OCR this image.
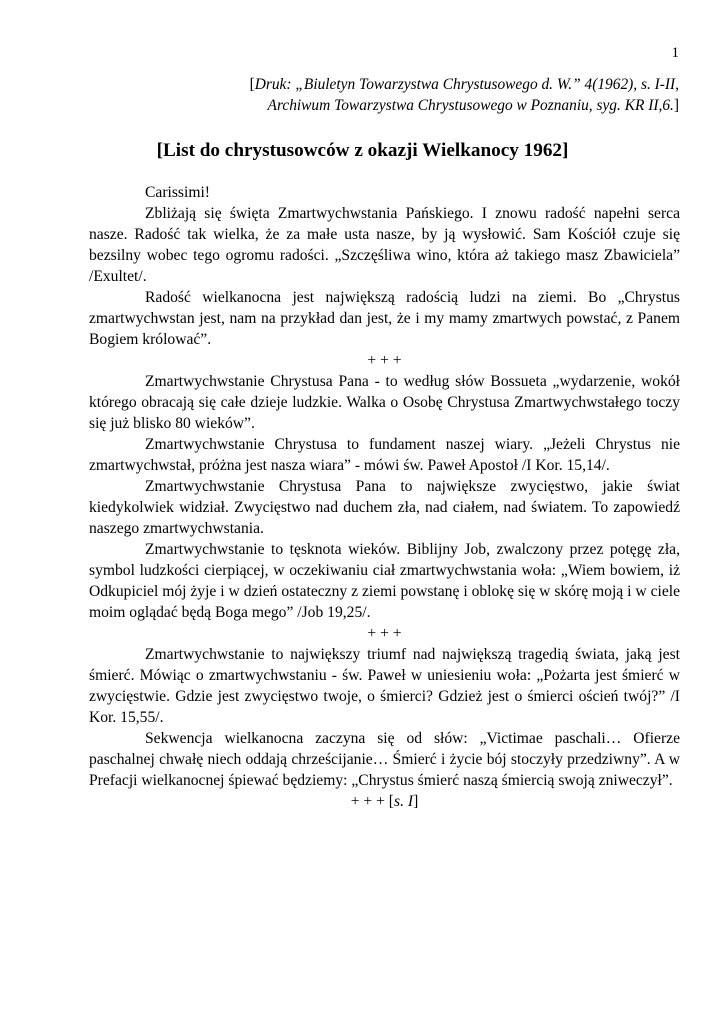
1
[Druk: „Biuletyn Towarzystwa Chrystusowego d. W.” 4(1962), s. I-II,
Archiwum Towarzystwa Chrystusowego w Poznaniu, syg. KR II,6.]
[List do chrystusowców z okazji Wielkanocy 1962]

Carissimi!

Zbliżają się święta Zmartwychwstania Pańskiego. I znowu radość napełni serca nasze. Radość tak wielka, że za małe usta nasze, by ją wysłowić. Sam Kościół czuje się bezsilny wobec tego ogromu radości. „Szczęśliwa wino, która aż takiego masz Zbawiciela” /Exultet/.

Radość wielkanocna jest największą radością ludzi na ziemi. Bo „Chrystus zmartwychwstan jest, nam na przykład dan jest, że i my mamy zmartwych powstać, z Panem Bogiem królować”.

+ + +

Zmartwychwstanie Chrystusa Pana - to według słów Bossueta „wydarzenie, wokół którego obracają się całe dzieje ludzkie. Walka o Osobę Chrystusa Zmartwychwstałego toczy się już blisko 80 wieków”.

Zmartwychwstanie Chrystusa to fundament naszej wiary. „Jeżeli Chrystus nie zmartwychwstał, próżna jest nasza wiara” - mówi św. Paweł Apostoł /I Kor. 15,14/.

Zmartwychwstanie Chrystusa Pana to największe zwycięstwo, jakie świat kiedykolwiek widział. Zwycięstwo nad duchem zła, nad ciałem, nad światem. To zapowiedź naszego zmartwychwstania.

Zmartwychwstanie to tęsknota wieków. Biblijny Job, zwalczony przez potęgę zła, symbol ludzkości cierpiącej, w oczekiwaniu ciał zmartwychwstania woła: „Wiem bowiem, iż Odkupiciel mój żyje i w dzień ostateczny z ziemi powstanę i oblokę się w skórę moją i w ciele moim oglądać będą Boga mego” /Job 19,25/.

+ + +

Zmartwychwstanie to największy triumf nad największą tragedią świata, jaką jest śmierć. Mówiąc o zmartwychwstaniu - św. Paweł w uniesieniu woła: „Pożarta jest śmierć w zwycięstwie. Gdzie jest zwycięstwo twoje, o śmierci? Gdzież jest o śmierci oścień twój?” /I Kor. 15,55/.

Sekwencja wielkanocna zaczyna się od słów: „Victimae paschali… Ofierze paschalnej chwałę niech oddają chrześcijanie… Śmierć i życie bój stoczyły przedziwny”. A w Prefacji wielkanocnej śpiewać będziemy: „Chrystus śmierć naszą śmiercią swoją zniweczył”.

+ + + [s. I]
